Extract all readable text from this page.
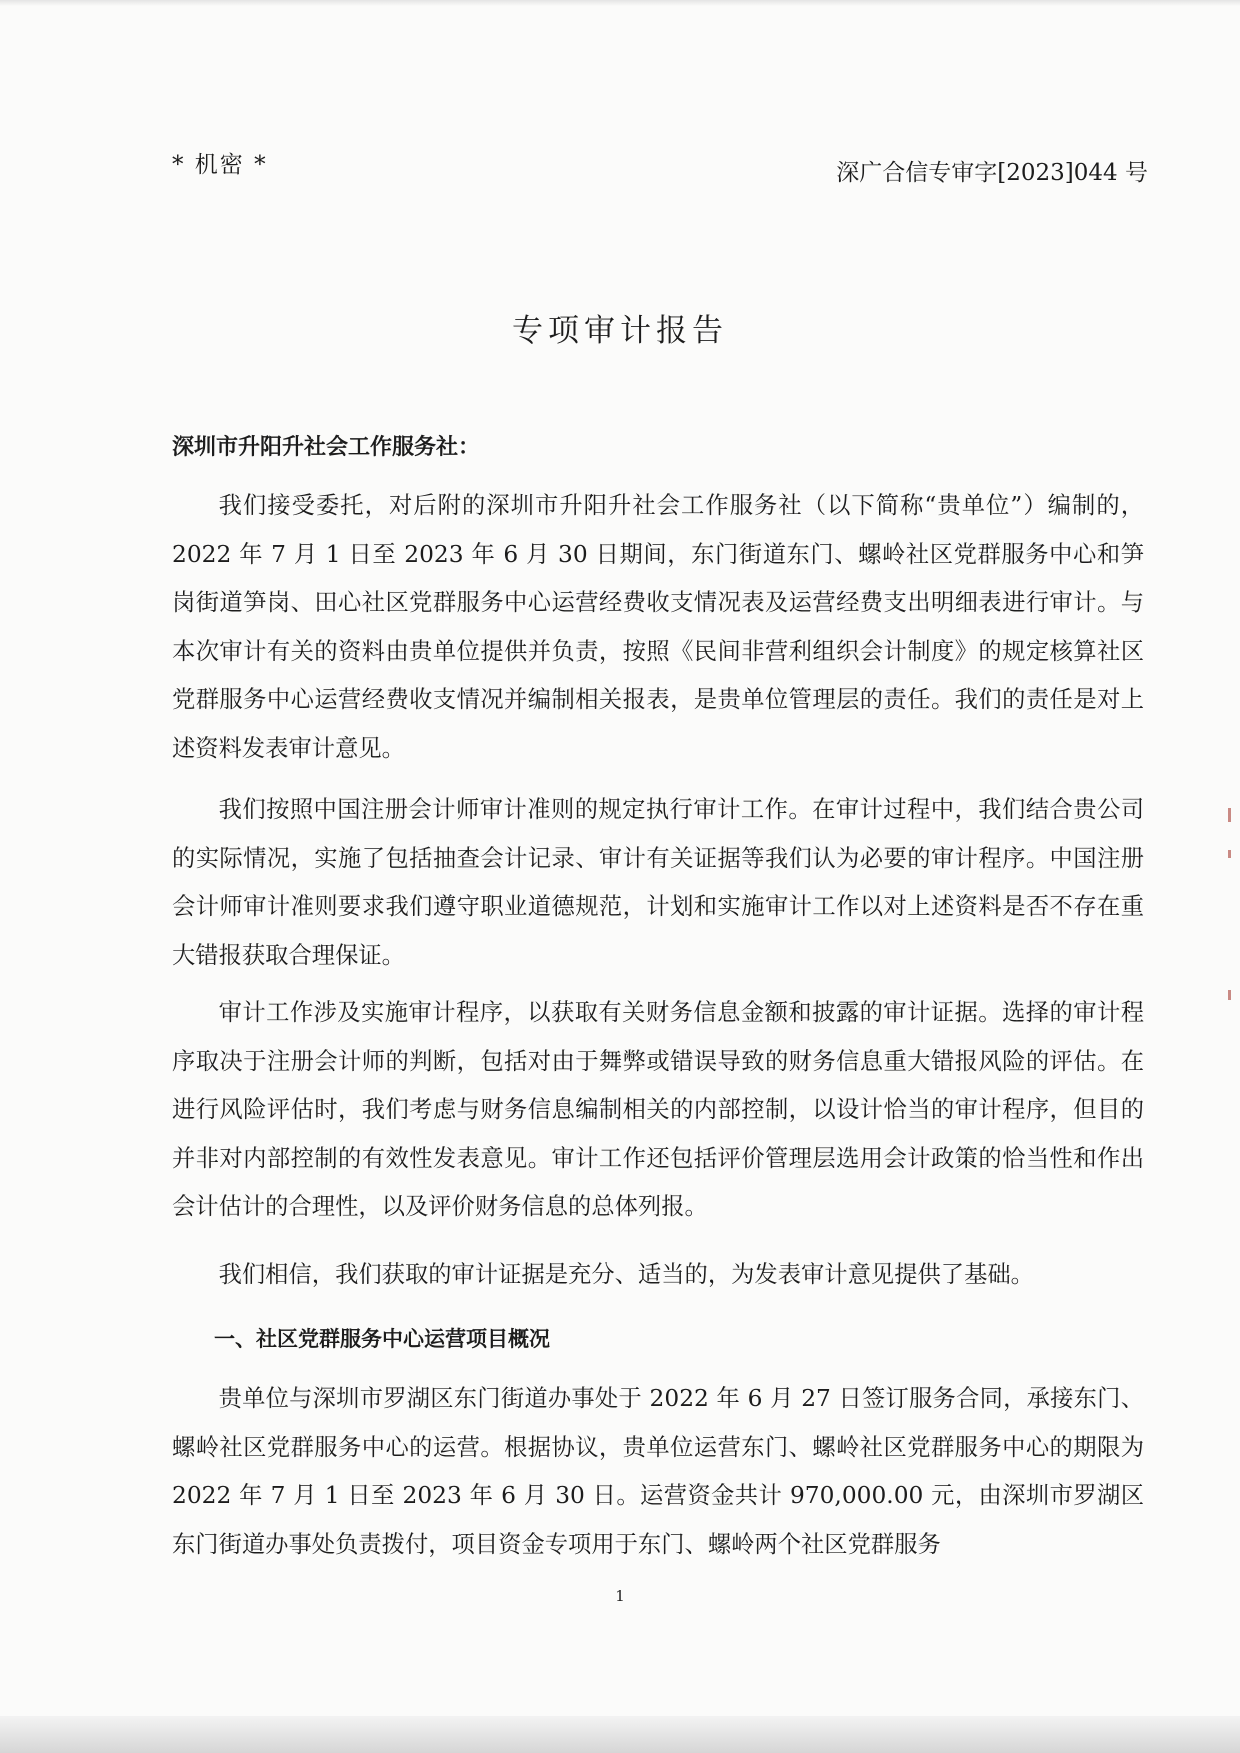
* 机密 *	深广合信专审字[2023]044 号
专项审计报告
深圳市升阳升社会工作服务社：

我们接受委托，对后附的深圳市升阳升社会工作服务社（以下简称“贵单位”）编制的，2022 年 7 月 1 日至 2023 年 6 月 30 日期间，东门街道东门、螺岭社区党群服务中心和笋岗街道笋岗、田心社区党群服务中心运营经费收支情况表及运营经费支出明细表进行审计。与本次审计有关的资料由贵单位提供并负责，按照《民间非营利组织会计制度》的规定核算社区党群服务中心运营经费收支情况并编制相关报表，是贵单位管理层的责任。我们的责任是对上述资料发表审计意见。

我们按照中国注册会计师审计准则的规定执行审计工作。在审计过程中，我们结合贵公司的实际情况，实施了包括抽查会计记录、审计有关证据等我们认为必要的审计程序。中国注册会计师审计准则要求我们遵守职业道德规范，计划和实施审计工作以对上述资料是否不存在重大错报获取合理保证。

审计工作涉及实施审计程序，以获取有关财务信息金额和披露的审计证据。选择的审计程序取决于注册会计师的判断，包括对由于舞弊或错误导致的财务信息重大错报风险的评估。在进行风险评估时，我们考虑与财务信息编制相关的内部控制，以设计恰当的审计程序，但目的并非对内部控制的有效性发表意见。审计工作还包括评价管理层选用会计政策的恰当性和作出会计估计的合理性，以及评价财务信息的总体列报。

我们相信，我们获取的审计证据是充分、适当的，为发表审计意见提供了基础。

一、社区党群服务中心运营项目概况

贵单位与深圳市罗湖区东门街道办事处于 2022 年 6 月 27 日签订服务合同，承接东门、螺岭社区党群服务中心的运营。根据协议，贵单位运营东门、螺岭社区党群服务中心的期限为 2022 年 7 月 1 日至 2023 年 6 月 30 日。运营资金共计 970,000.00 元，由深圳市罗湖区东门街道办事处负责拨付，项目资金专项用于东门、螺岭两个社区党群服务

1
